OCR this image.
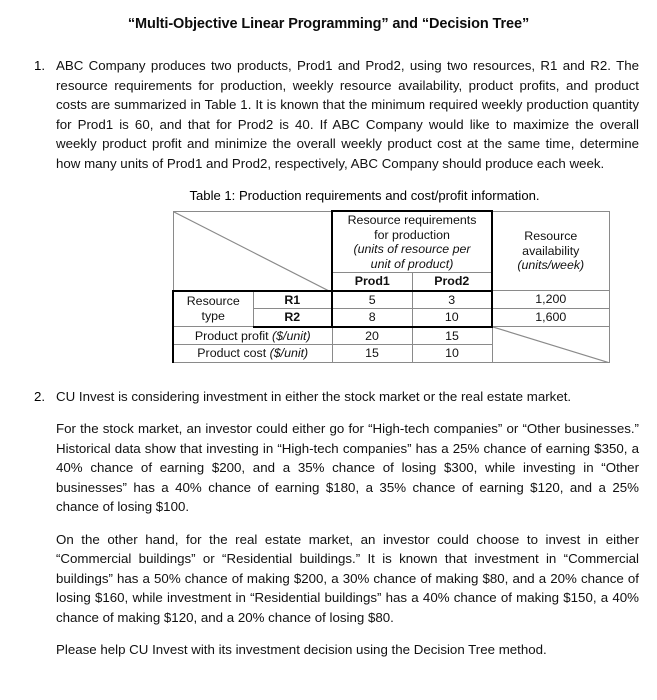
“Multi-Objective Linear Programming” and “Decision Tree”
1. ABC Company produces two products, Prod1 and Prod2, using two resources, R1 and R2. The resource requirements for production, weekly resource availability, product profits, and product costs are summarized in Table 1. It is known that the minimum required weekly production quantity for Prod1 is 60, and that for Prod2 is 40. If ABC Company would like to maximize the overall weekly product profit and minimize the overall weekly product cost at the same time, determine how many units of Prod1 and Prod2, respectively, ABC Company should produce each week.

Table 1: Production requirements and cost/profit information.
	Resource requirements
for production
(units of resource per
unit of product)		Resource
availability
(units/week)
		Prod1	Prod2	
Resource
type	R1	5	3	1,200
	R2	8	10	1,600
Product profit ($/unit)		20	15	

Product cost ($/unit)		15	10	
2. CU Invest is considering investment in either the stock market or the real estate market.

For the stock market, an investor could either go for “High-tech companies” or “Other businesses.” Historical data show that investing in “High-tech companies” has a 25% chance of earning $350, a 40% chance of earning $200, and a 35% chance of losing $300, while investing in “Other businesses” has a 40% chance of earning $180, a 35% chance of earning $120, and a 25% chance of losing $100.

On the other hand, for the real estate market, an investor could choose to invest in either “Commercial buildings” or “Residential buildings.” It is known that investment in “Commercial buildings” has a 50% chance of making $200, a 30% chance of making $80, and a 20% chance of losing $160, while investment in “Residential buildings” has a 40% chance of making $150, a 40% chance of making $120, and a 20% chance of losing $80.

Please help CU Invest with its investment decision using the Decision Tree method.
